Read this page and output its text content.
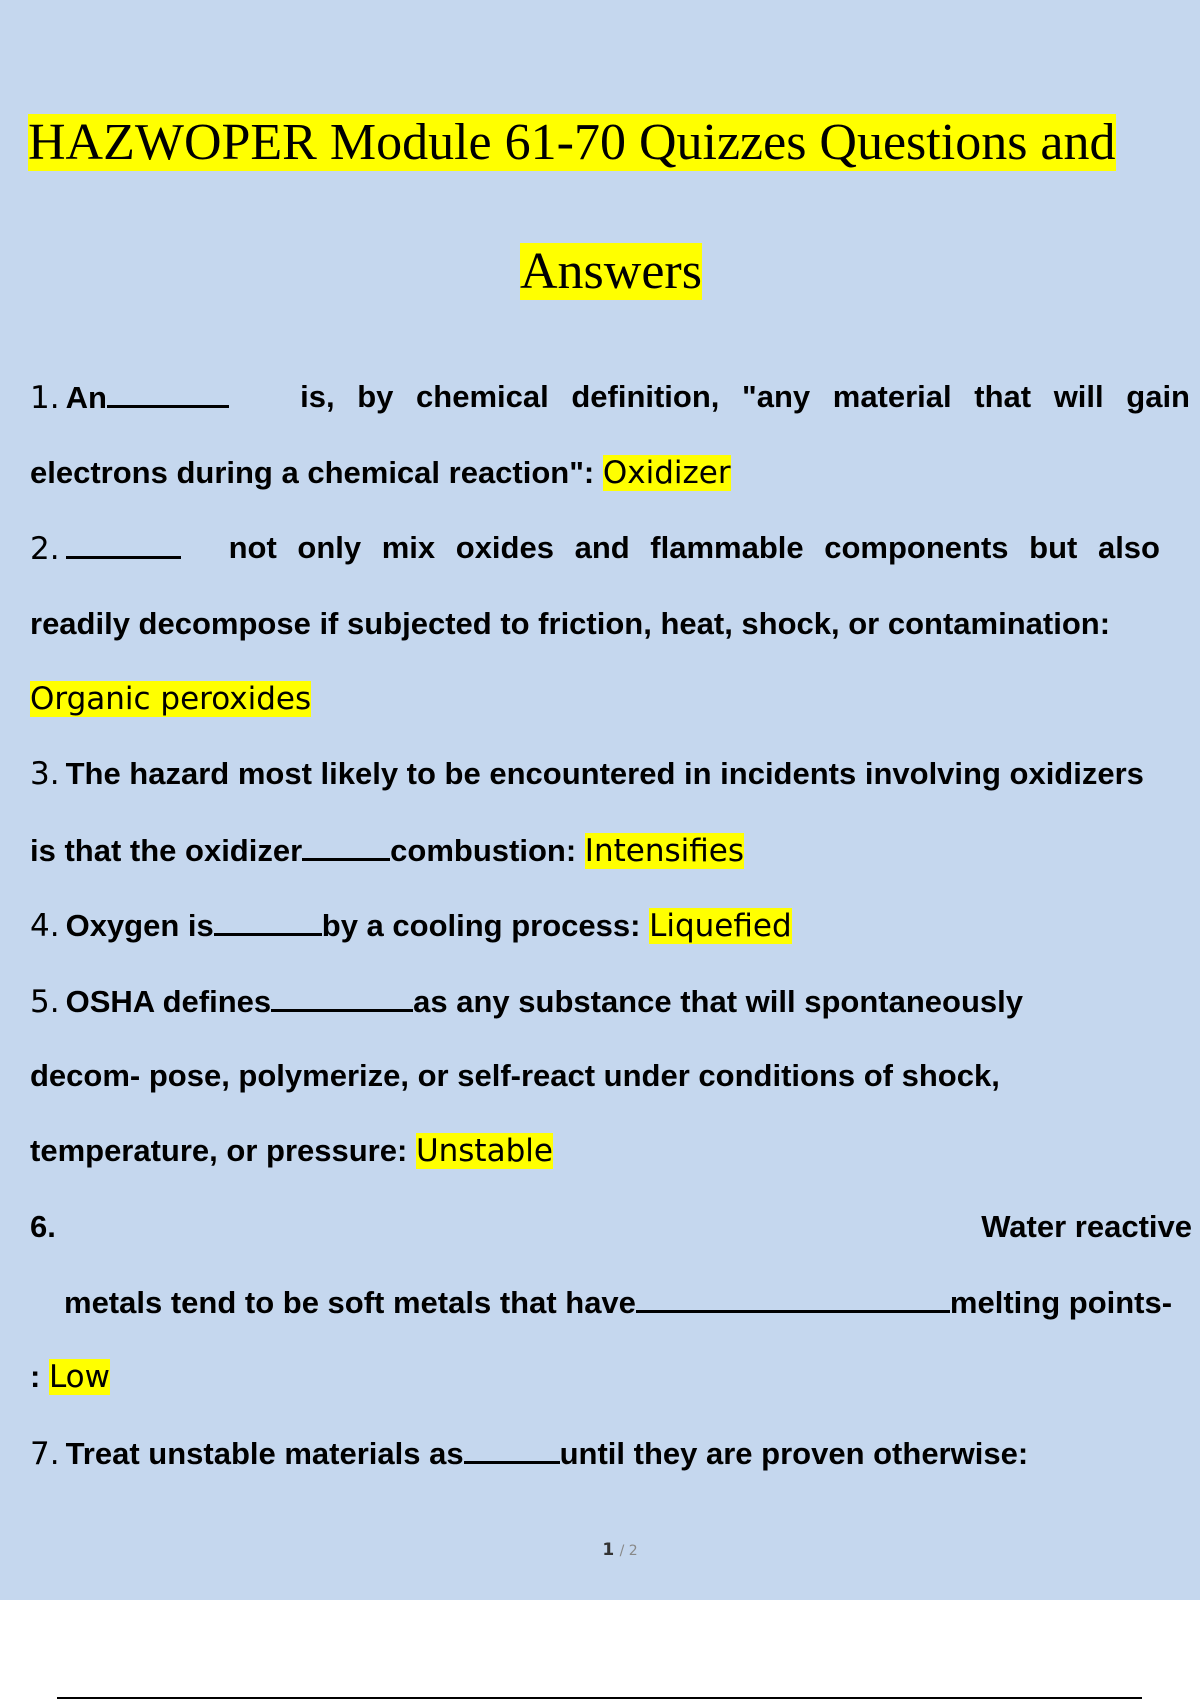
HAZWOPER Module 61-70 Quizzes Questions and
Answers
1. An	is, by chemical definition, "any material that will gain
electrons during a chemical reaction": Oxidizer
2.	not only mix oxides and flammable components but also
readily decompose if subjected to friction, heat, shock, or contamination:
Organic peroxides
3. The hazard most likely to be encountered in incidents involving oxidizers
is that the oxidizer	combustion: Intensifies
4. Oxygen is	by a cooling process: Liquefied
5. OSHA defines	as any substance that will spontaneously
decom- pose, polymerize, or self-react under conditions of shock,
temperature, or pressure: Unstable
6.	Water reactive
metals tend to be soft metals that have	melting points-
: Low
7. Treat unstable materials as	until they are proven otherwise:
1 / 2
